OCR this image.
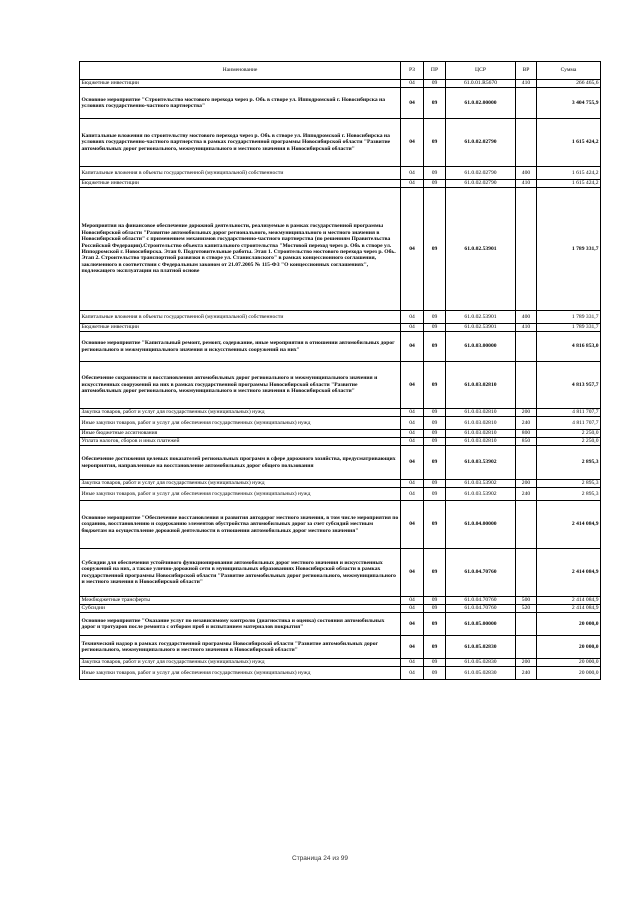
Наименование	РЗ	ПР	ЦСР	ВР	Сумма
Бюджетные инвестиции	04	09	61.0.01.R5670	410	266 465,6
Основное мероприятие "Строительство мостового перехода через р. Обь в створе ул. Ипподромской г. Новосибирска на условиях государственно-частного партнерства"	04	09	61.0.02.00000		3 404 755,9
Капитальные вложения по строительству мостового перехода через р. Обь в створе ул. Ипподромской г. Новосибирска на условиях государственно-частного партнерства в рамках государственной программы Новосибирской области "Развитие автомобильных дорог регионального, межмуниципального и местного значения в Новосибирской области"	04	09	61.0.02.02790		1 615 424,2
Капитальные вложения в объекты государственной (муниципальной) собственности	04	09	61.0.02.02790	400	1 615 424,2
Бюджетные инвестиции	04	09	61.0.02.02790	410	1 615 424,2
Мероприятия на финансовое обеспечение дорожной деятельности, реализуемые в рамках государственной программы Новосибирской области "Развитие автомобильных дорог регионального, межмуниципального и местного значения в Новосибирской области" с применением механизмов государственно-частного партнерства (по решениям Правительства Российской Федерации).Строительство объекта капитального строительства "Мостовой переход через р. Обь в створе ул. Ипподромской г. Новосибирска. Этап 0. Подготовительные работы. Этап 1. Строительство мостового перехода через р. Обь. Этап 2. Строительство транспортной развязки в створе ул. Станиславского" в рамках концессионного соглашения, заключенного в соответствии с Федеральным законом от 21.07.2005 № 115-ФЗ "О концессионных соглашениях", подлежащего эксплуатации на платной основе	04	09	61.0.02.53901		1 789 331,7
Капитальные вложения в объекты государственной (муниципальной) собственности	04	09	61.0.02.53901	400	1 789 331,7
Бюджетные инвестиции	04	09	61.0.02.53901	410	1 789 331,7
Основное мероприятие "Капитальный ремонт, ремонт, содержание, иные мероприятия в отношении автомобильных дорог регионального и межмуниципального значения и искусственных сооружений на них"	04	09	61.0.03.00000		4 816 853,0
Обеспечение сохранности и восстановления автомобильных дорог регионального и межмуниципального значения и искусственных сооружений на них в рамках государственной программы Новосибирской области "Развитие автомобильных дорог регионального, межмуниципального и местного значения в Новосибирской области"	04	09	61.0.03.02810		4 813 957,7
Закупка товаров, работ и услуг для государственных (муниципальных) нужд	04	09	61.0.03.02810	200	4 811 707,7
Иные закупки товаров, работ и услуг для обеспечения государственных (муниципальных) нужд	04	09	61.0.03.02810	240	4 811 707,7
Иные бюджетные ассигнования	04	09	61.0.03.02810	800	2 250,0
Уплата налогов, сборов и иных платежей	04	09	61.0.03.02810	850	2 250,0
Обеспечение достижения целевых показателей региональных программ в сфере дорожного хозяйства, предусматривающих мероприятия, направленные на восстановление автомобильных дорог общего пользования	04	09	61.0.03.53902		2 895,3
Закупка товаров, работ и услуг для государственных (муниципальных) нужд	04	09	61.0.03.53902	200	2 895,3
Иные закупки товаров, работ и услуг для обеспечения государственных (муниципальных) нужд	04	09	61.0.03.53902	240	2 895,3
Основное мероприятие "Обеспечение восстановления и развития автодорог местного значения, в том числе мероприятия по созданию, восстановлению и содержанию элементов обустройства автомобильных дорог за счет субсидий местным бюджетам на осуществление дорожной деятельности в отношении автомобильных дорог местного значения"	04	09	61.0.04.00000		2 414 084,9
Субсидии для обеспечения устойчивого функционирования автомобильных дорог местного значения и искусственных сооружений на них, а также улично-дорожной сети в муниципальных образованиях Новосибирской области в рамках государственной программы Новосибирской области "Развитие автомобильных дорог регионального, межмуниципального и местного значения в Новосибирской области"	04	09	61.0.04.70760		2 414 084,9
Межбюджетные трансферты	04	09	61.0.04.70760	500	2 414 084,9
Субсидии	04	09	61.0.04.70760	520	2 414 084,9
Основное мероприятие "Оказание услуг по независимому контролю (диагностика и оценка) состояния автомобильных дорог и тротуаров после ремонта с отбором проб и испытанием материалов покрытия"	04	09	61.0.05.00000		20 000,0
Технический надзор в рамках государственной программы Новосибирской области "Развитие автомобильных дорог регионального, межмуниципального и местного значения в Новосибирской области"	04	09	61.0.05.02830		20 000,0
Закупка товаров, работ и услуг для государственных (муниципальных) нужд	04	09	61.0.05.02830	200	20 000,0
Иные закупки товаров, работ и услуг для обеспечения государственных (муниципальных) нужд	04	09	61.0.05.02830	240	20 000,0
Страница 24 из 99
